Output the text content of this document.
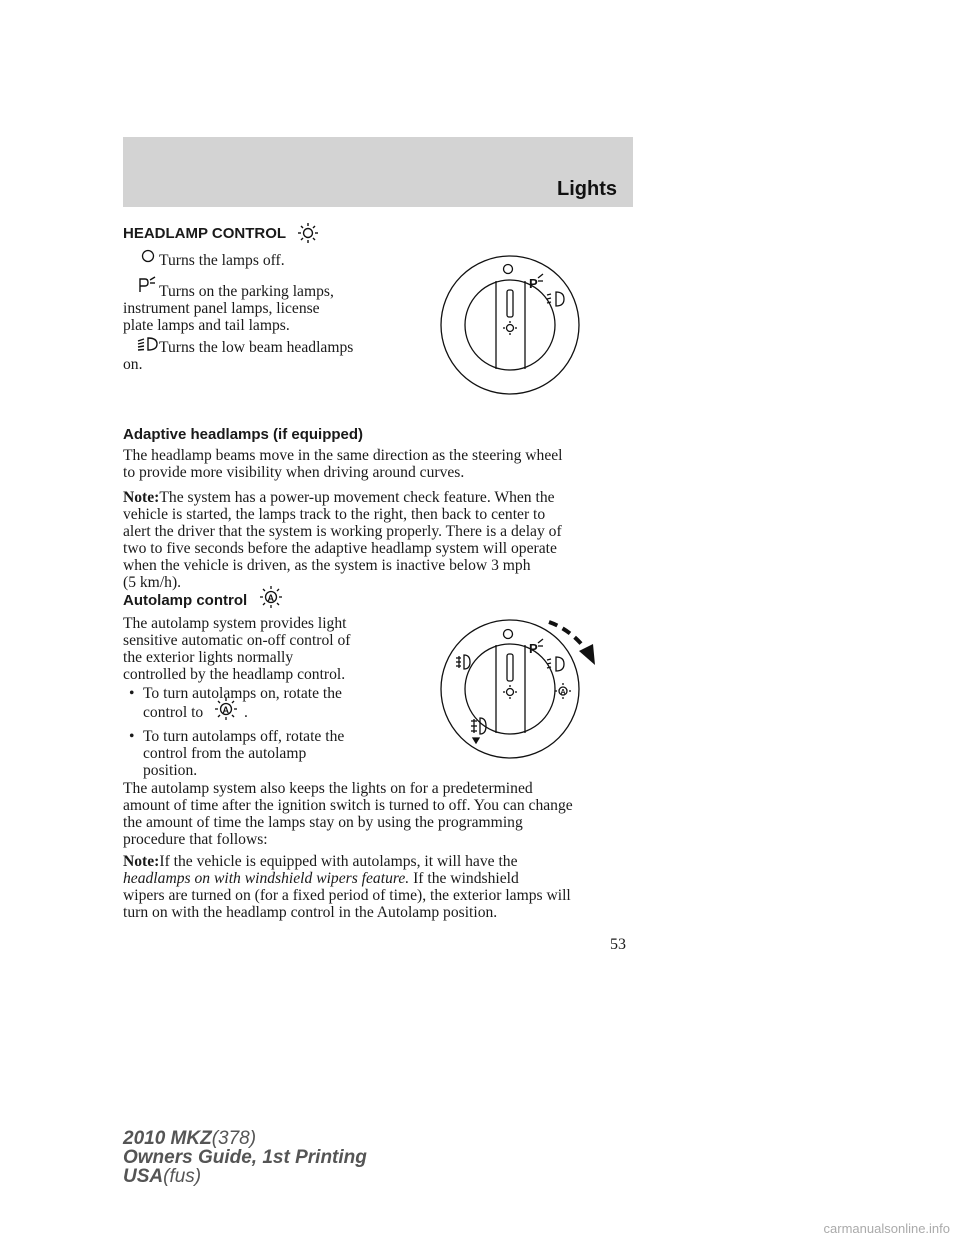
Lights
HEADLAMP CONTROL
Turns the lamps off.
Turns on the parking lamps,
instrument panel lamps, license
plate lamps and tail lamps.
Turns the low beam headlamps
on.
P
Adaptive headlamps (if equipped)
The headlamp beams move in the same direction as the steering wheel
to provide more visibility when driving around curves.
Note:The system has a power-up movement check feature. When the
vehicle is started, the lamps track to the right, then back to center to
alert the driver that the system is working properly. There is a delay of
two to five seconds before the adaptive headlamp system will operate
when the vehicle is driven, as the system is inactive below 3 mph
(5 km/h).
Autolamp control A
The autolamp system provides light
sensitive automatic on-off control of
the exterior lights normally
controlled by the headlamp control.
• To turn autolamps on, rotate the
control to A .
• To turn autolamps off, rotate the
control from the autolamp
position.
The autolamp system also keeps the lights on for a predetermined
amount of time after the ignition switch is turned to off. You can change
the amount of time the lamps stay on by using the programming
procedure that follows:
Note:If the vehicle is equipped with autolamps, it will have the
headlamps on with windshield wipers feature. If the windshield
wipers are turned on (for a fixed period of time), the exterior lamps will
turn on with the headlamp control in the Autolamp position.
P
A
53
2010 MKZ(378)
Owners Guide, 1st Printing
USA(fus)
carmanualsonline.info
